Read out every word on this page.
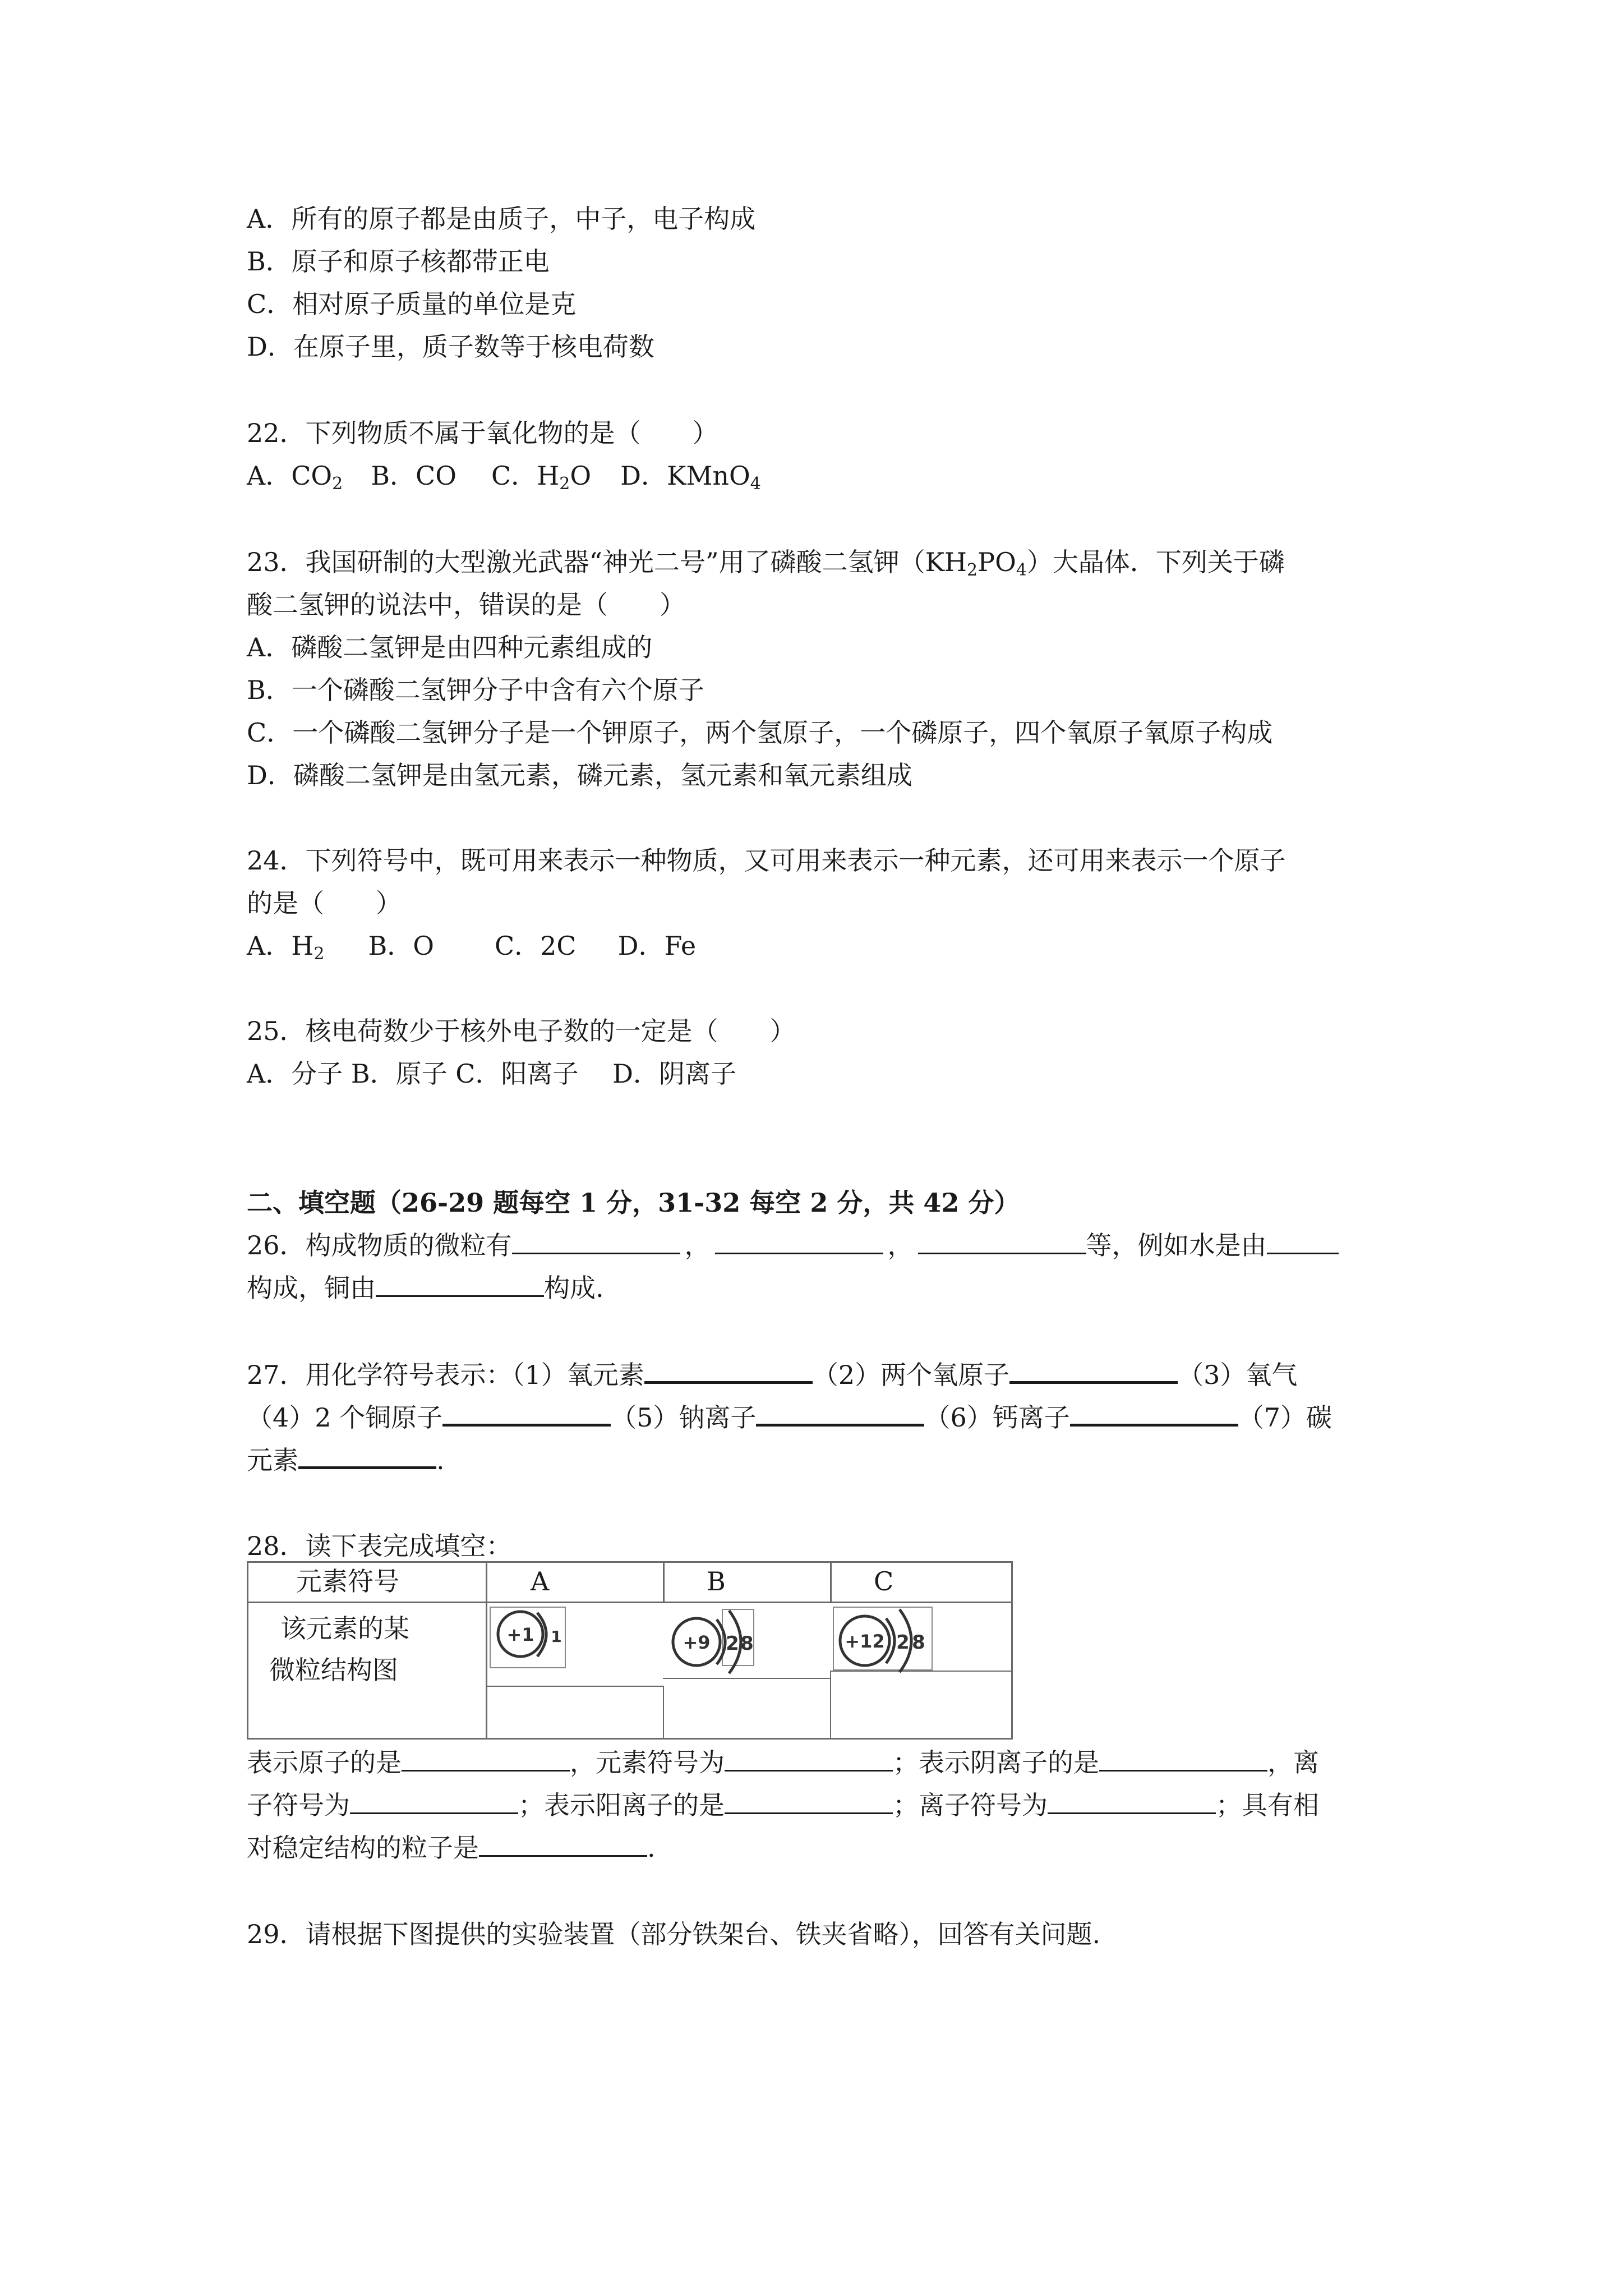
A．所有的原子都是由质子，中子，电子构成
B．原子和原子核都带正电
C．相对原子质量的单位是克
D．在原子里，质子数等于核电荷数
22．下列物质不属于氧化物的是（　　）
A．$CO_2$ B．CO C．$H_2O$ D．KMnO$_4$
23．我国研制的大型激光武器“神光二号”用了磷酸二氢钾$(KH_2PO_4)$大晶体．下列关于磷
酸二氢钾的说法中，错误的是（　　）
A．磷酸二氢钾是由四种元素组成的
B．一个磷酸二氢钾分子中含有六个原子
C．一个磷酸二氢钾分子是一个钾原子，两个氢原子，一个磷原子，四个氧原子氧原子构成
D．磷酸二氢钾是由氢元素，磷元素，氢元素和氧元素组成
24．下列符号中，既可用来表示一种物质，又可用来表示一种元素，还可用来表示一个原子
的是（　　）
A．$H_2$ B．O C．2C D．Fe
25．核电荷数少于核外电子数的一定是（　　）
A．分子 B．原子 C．阳离子　 D．阴离子
二、填空题（26-29 题每空 1 分，31-32 每空 2 分，共 42 分）
26．构成物质的微粒有	，	，	等，例如水是由
构成，铜由	构成.
27．用化学符号表示：（1）氧元素	（2）两个氧原子	（3）氧气
（4）2 个铜原子	（5）钠离子	（6）钙离子	（7）碳
元素	.
28．读下表完成填空：
元素符号	A	B	C
该元素的某
微粒结构图
+1 1	+9 2 8	+12 2 8
表示原子的是	，元素符号为	；表示阴离子的是	，离
子符号为	；表示阳离子的是	；离子符号为	；具有相
对稳定结构的粒子是	.
29．请根据下图提供的实验装置（部分铁架台、铁夹省略），回答有关问题.
